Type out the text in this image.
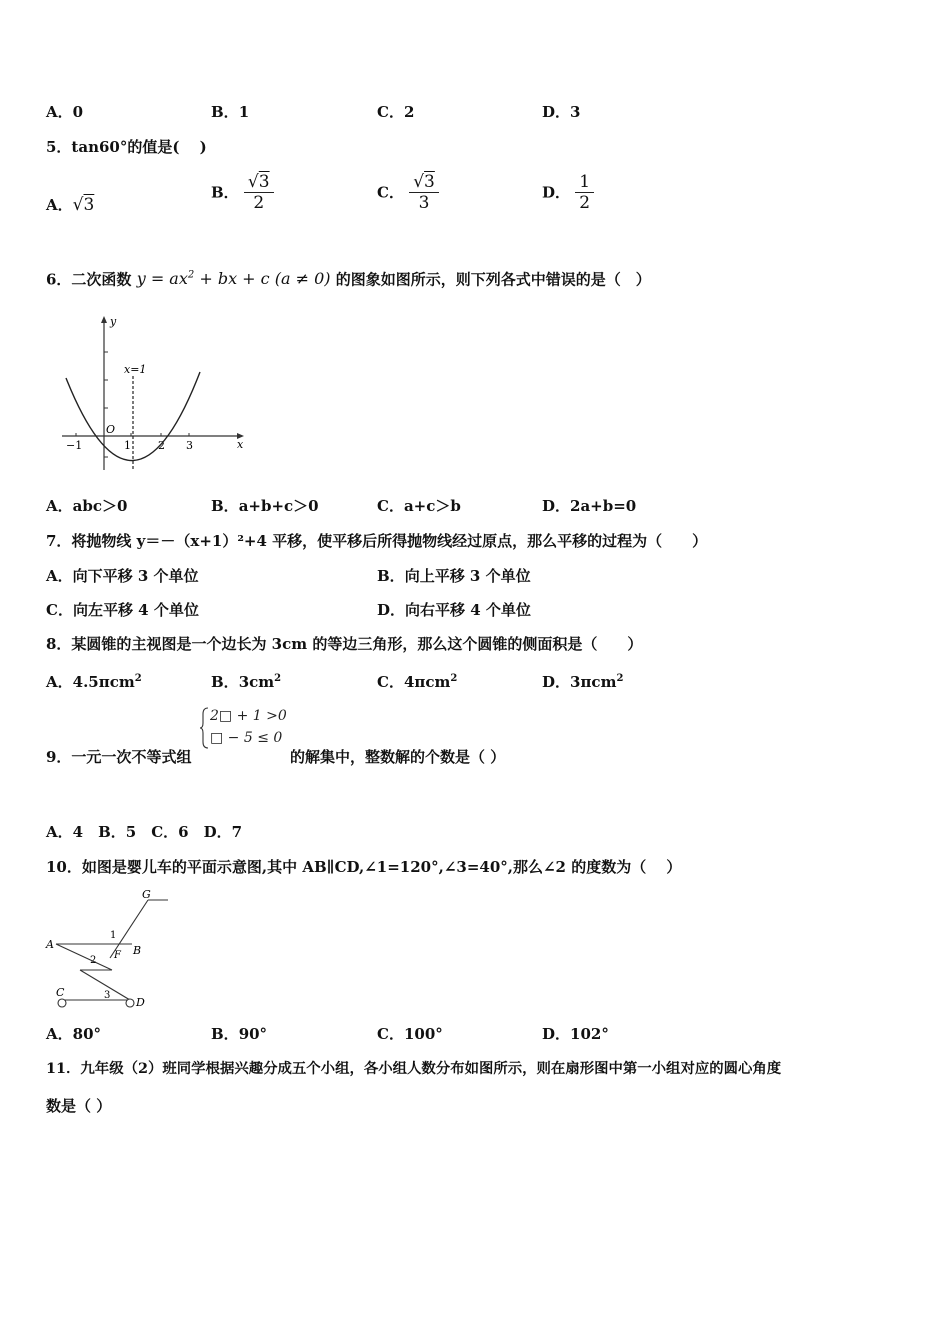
A．0	B．1	C．2	D．3
5．tan60°的值是(　 )
A．√3
B． $\frac{√3}{2}$	C． $\frac{√3}{3}$	D． $\frac{1}{2}$
6．二次函数 $y = ax^2$ + bx + c (a ≠ 0) 的图象如图所示，则下列各式中错误的是（　）
y
x
O
−1	1 2 3
x=1
A．abc＞0	B．a+b+c＞0	C．a+c＞b	D．2a+b=0
7．将抛物线 y＝－（x+1）²+4 平移，使平移后所得抛物线经过原点，那么平移的过程为（　　）
A．向下平移 3 个单位	B．向上平移 3 个单位
C．向左平移 4 个单位	D．向右平移 4 个单位
8．某圆锥的主视图是一个边长为 3cm 的等边三角形，那么这个圆锥的侧面积是（　　）
A．4.5πcm$^2$	B．$3cm^2$	C．4πcm$^2$	D．3πcm$^2$
9．一元一次不等式组
2□ + 1 >0
□ − 5 ≤ 0
的解集中，整数解的个数是（ ）
A．4　B．5　C．6　D．7
10．如图是婴儿车的平面示意图,其中 AB∥CD,∠1=120°,∠3=40°,那么∠2 的度数为（　 ）
G
A	B
1
F
2
C
D
3
A．80°	B．90°	C．100°	D．102°
11．九年级（2）班同学根据兴趣分成五个小组，各小组人数分布如图所示，则在扇形图中第一小组对应的圆心角度
数是（ ）
